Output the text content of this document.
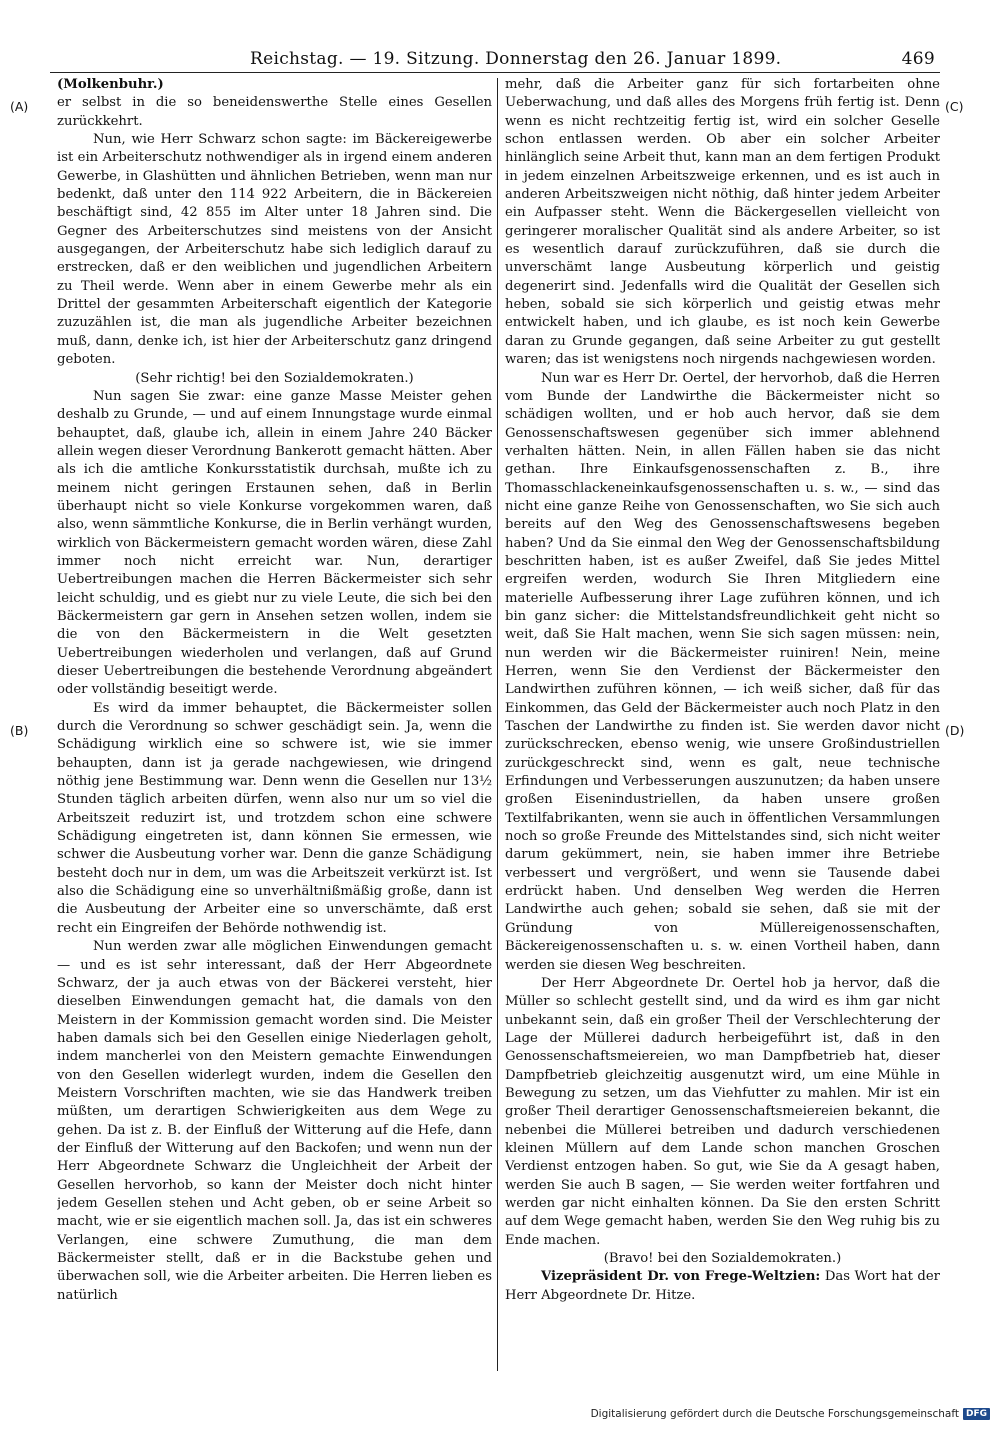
Reichstag. — 19. Sitzung. Donnerstag den 26. Januar 1899.	469
(A)
(B)
(C)
(D)

(Molkenbuhr.)

er selbst in die so beneidenswerthe Stelle eines Gesellen zurückkehrt.

Nun, wie Herr Schwarz schon sagte: im Bäckereigewerbe ist ein Arbeiterschutz nothwendiger als in irgend einem anderen Gewerbe, in Glashütten und ähnlichen Betrieben, wenn man nur bedenkt, daß unter den 114 922 Arbeitern, die in Bäckereien beschäftigt sind, 42 855 im Alter unter 18 Jahren sind. Die Gegner des Arbeiterschutzes sind meistens von der Ansicht ausgegangen, der Arbeiterschutz habe sich lediglich darauf zu erstrecken, daß er den weiblichen und jugendlichen Arbeitern zu Theil werde. Wenn aber in einem Gewerbe mehr als ein Drittel der gesammten Arbeiterschaft eigentlich der Kategorie zuzuzählen ist, die man als jugendliche Arbeiter bezeichnen muß, dann, denke ich, ist hier der Arbeiterschutz ganz dringend geboten.

(Sehr richtig! bei den Sozialdemokraten.)

Nun sagen Sie zwar: eine ganze Masse Meister gehen deshalb zu Grunde, — und auf einem Innungstage wurde einmal behauptet, daß, glaube ich, allein in einem Jahre 240 Bäcker allein wegen dieser Verordnung Bankerott gemacht hätten. Aber als ich die amtliche Konkursstatistik durchsah, mußte ich zu meinem nicht geringen Erstaunen sehen, daß in Berlin überhaupt nicht so viele Konkurse vorgekommen waren, daß also, wenn sämmtliche Konkurse, die in Berlin verhängt wurden, wirklich von Bäckermeistern gemacht worden wären, diese Zahl immer noch nicht erreicht war. Nun, derartiger Uebertreibungen machen die Herren Bäckermeister sich sehr leicht schuldig, und es giebt nur zu viele Leute, die sich bei den Bäckermeistern gar gern in Ansehen setzen wollen, indem sie die von den Bäckermeistern in die Welt gesetzten Uebertreibungen wiederholen und verlangen, daß auf Grund dieser Uebertreibungen die bestehende Verordnung abgeändert oder vollständig beseitigt werde.

Es wird da immer behauptet, die Bäckermeister sollen durch die Verordnung so schwer geschädigt sein. Ja, wenn die Schädigung wirklich eine so schwere ist, wie sie immer behaupten, dann ist ja gerade nachgewiesen, wie dringend nöthig jene Bestimmung war. Denn wenn die Gesellen nur 13½ Stunden täglich arbeiten dürfen, wenn also nur um so viel die Arbeitszeit reduzirt ist, und trotzdem schon eine schwere Schädigung eingetreten ist, dann können Sie ermessen, wie schwer die Ausbeutung vorher war. Denn die ganze Schädigung besteht doch nur in dem, um was die Arbeitszeit verkürzt ist. Ist also die Schädigung eine so unverhältnißmäßig große, dann ist die Ausbeutung der Arbeiter eine so unverschämte, daß erst recht ein Eingreifen der Behörde nothwendig ist.

Nun werden zwar alle möglichen Einwendungen gemacht — und es ist sehr interessant, daß der Herr Abgeordnete Schwarz, der ja auch etwas von der Bäckerei versteht, hier dieselben Einwendungen gemacht hat, die damals von den Meistern in der Kommission gemacht worden sind. Die Meister haben damals sich bei den Gesellen einige Niederlagen geholt, indem mancherlei von den Meistern gemachte Einwendungen von den Gesellen widerlegt wurden, indem die Gesellen den Meistern Vorschriften machten, wie sie das Handwerk treiben müßten, um derartigen Schwierigkeiten aus dem Wege zu gehen. Da ist z. B. der Einfluß der Witterung auf die Hefe, dann der Einfluß der Witterung auf den Backofen; und wenn nun der Herr Abgeordnete Schwarz die Ungleichheit der Arbeit der Gesellen hervorhob, so kann der Meister doch nicht hinter jedem Gesellen stehen und Acht geben, ob er seine Arbeit so macht, wie er sie eigentlich machen soll. Ja, das ist ein schweres Verlangen, eine schwere Zumuthung, die man dem Bäckermeister stellt, daß er in die Backstube gehen und überwachen soll, wie die Arbeiter arbeiten. Die Herren lieben es natürlich

mehr, daß die Arbeiter ganz für sich fortarbeiten ohne Ueberwachung, und daß alles des Morgens früh fertig ist. Denn wenn es nicht rechtzeitig fertig ist, wird ein solcher Geselle schon entlassen werden. Ob aber ein solcher Arbeiter hinlänglich seine Arbeit thut, kann man an dem fertigen Produkt in jedem einzelnen Arbeitszweige erkennen, und es ist auch in anderen Arbeitszweigen nicht nöthig, daß hinter jedem Arbeiter ein Aufpasser steht. Wenn die Bäckergesellen vielleicht von geringerer moralischer Qualität sind als andere Arbeiter, so ist es wesentlich darauf zurückzuführen, daß sie durch die unverschämt lange Ausbeutung körperlich und geistig degenerirt sind. Jedenfalls wird die Qualität der Gesellen sich heben, sobald sie sich körperlich und geistig etwas mehr entwickelt haben, und ich glaube, es ist noch kein Gewerbe daran zu Grunde gegangen, daß seine Arbeiter zu gut gestellt waren; das ist wenigstens noch nirgends nachgewiesen worden.

Nun war es Herr Dr. Oertel, der hervorhob, daß die Herren vom Bunde der Landwirthe die Bäckermeister nicht so schädigen wollten, und er hob auch hervor, daß sie dem Genossenschaftswesen gegenüber sich immer ablehnend verhalten hätten. Nein, in allen Fällen haben sie das nicht gethan. Ihre Einkaufsgenossenschaften z. B., ihre Thomasschlackeneinkaufsgenossenschaften u. s. w., — sind das nicht eine ganze Reihe von Genossenschaften, wo Sie sich auch bereits auf den Weg des Genossenschaftswesens begeben haben? Und da Sie einmal den Weg der Genossenschaftsbildung beschritten haben, ist es außer Zweifel, daß Sie jedes Mittel ergreifen werden, wodurch Sie Ihren Mitgliedern eine materielle Aufbesserung ihrer Lage zuführen können, und ich bin ganz sicher: die Mittelstandsfreundlichkeit geht nicht so weit, daß Sie Halt machen, wenn Sie sich sagen müssen: nein, nun werden wir die Bäckermeister ruiniren! Nein, meine Herren, wenn Sie den Verdienst der Bäckermeister den Landwirthen zuführen können, — ich weiß sicher, daß für das Einkommen, das Geld der Bäckermeister auch noch Platz in den Taschen der Landwirthe zu finden ist. Sie werden davor nicht zurückschrecken, ebenso wenig, wie unsere Großindustriellen zurückgeschreckt sind, wenn es galt, neue technische Erfindungen und Verbesserungen auszunutzen; da haben unsere großen Eisenindustriellen, da haben unsere großen Textilfabrikanten, wenn sie auch in öffentlichen Versammlungen noch so große Freunde des Mittelstandes sind, sich nicht weiter darum gekümmert, nein, sie haben immer ihre Betriebe verbessert und vergrößert, und wenn sie Tausende dabei erdrückt haben. Und denselben Weg werden die Herren Landwirthe auch gehen; sobald sie sehen, daß sie mit der Gründung von Müllereigenossenschaften, Bäckereigenossenschaften u. s. w. einen Vortheil haben, dann werden sie diesen Weg beschreiten.

Der Herr Abgeordnete Dr. Oertel hob ja hervor, daß die Müller so schlecht gestellt sind, und da wird es ihm gar nicht unbekannt sein, daß ein großer Theil der Verschlechterung der Lage der Müllerei dadurch herbeigeführt ist, daß in den Genossenschaftsmeiereien, wo man Dampfbetrieb hat, dieser Dampfbetrieb gleichzeitig ausgenutzt wird, um eine Mühle in Bewegung zu setzen, um das Viehfutter zu mahlen. Mir ist ein großer Theil derartiger Genossenschaftsmeiereien bekannt, die nebenbei die Müllerei betreiben und dadurch verschiedenen kleinen Müllern auf dem Lande schon manchen Groschen Verdienst entzogen haben. So gut, wie Sie da A gesagt haben, werden Sie auch B sagen, — Sie werden weiter fortfahren und werden gar nicht einhalten können. Da Sie den ersten Schritt auf dem Wege gemacht haben, werden Sie den Weg ruhig bis zu Ende machen.

(Bravo! bei den Sozialdemokraten.)

Vizepräsident Dr. von Frege-Weltzien: Das Wort hat der Herr Abgeordnete Dr. Hitze.

Digitalisierung gefördert durch die Deutsche Forschungsgemeinschaft DFG
